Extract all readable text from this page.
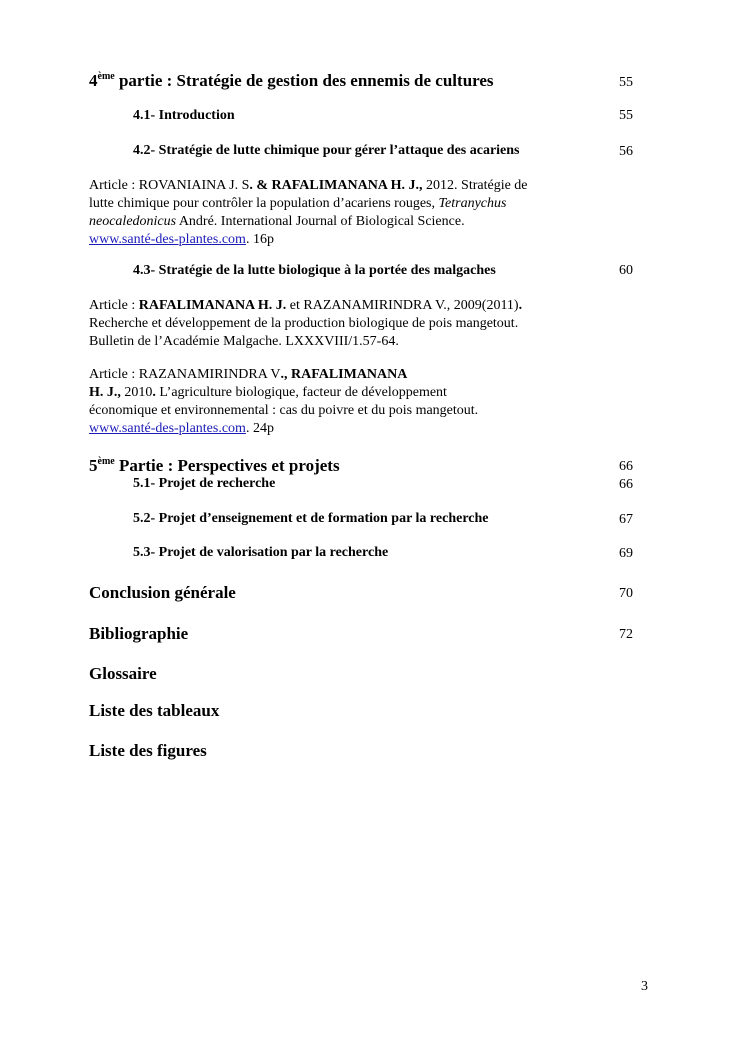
4ème partie : Stratégie de gestion des ennemis de cultures	55
4.1- Introduction	55
4.2- Stratégie de lutte chimique pour gérer l’attaque des acariens	56
Article : ROVANIAINA J. S. & RAFALIMANANA H. J., 2012. Stratégie de
lutte chimique pour contrôler la population d’acariens rouges, Tetranychus
neocaledonicus André. International Journal of Biological Science.
www.santé-des-plantes.com. 16p
4.3- Stratégie de la lutte biologique à la portée des malgaches	60
Article : RAFALIMANANA H. J. et RAZANAMIRINDRA V., 2009(2011).
Recherche et développement de la production biologique de pois mangetout.
Bulletin de l’Académie Malgache. LXXXVIII/1.57-64.
Article : RAZANAMIRINDRA V., RAFALIMANANA
H. J., 2010. L’agriculture biologique, facteur de développement
économique et environnemental : cas du poivre et du pois mangetout.
www.santé-des-plantes.com. 24p
5ème Partie : Perspectives et projets	66
5.1- Projet de recherche	66
5.2- Projet d’enseignement et de formation par la recherche	67
5.3- Projet de valorisation par la recherche	69
Conclusion générale	70
Bibliographie	72
Glossaire
Liste des tableaux
Liste des figures
3
